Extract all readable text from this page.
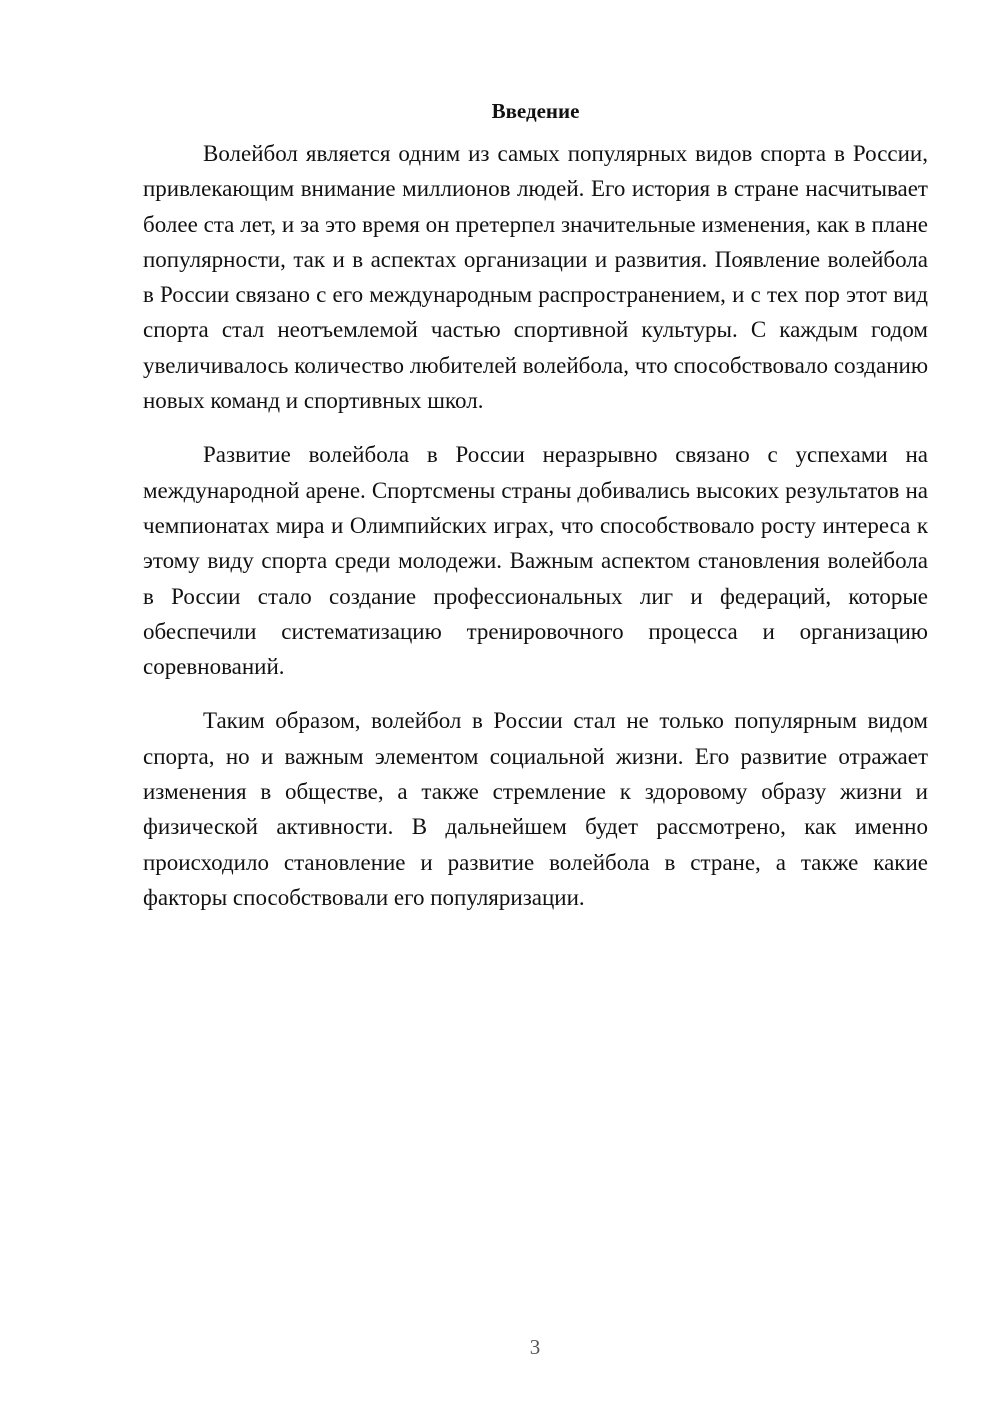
Введение

Волейбол является одним из самых популярных видов спорта в России, привлекающим внимание миллионов людей. Его история в стране насчитывает более ста лет, и за это время он претерпел значительные изменения, как в плане популярности, так и в аспектах организации и развития. Появление волейбола в России связано с его международным распространением, и с тех пор этот вид спорта стал неотъемлемой частью спортивной культуры. С каждым годом увеличивалось количество любителей волейбола, что способствовало созданию новых команд и спортивных школ.

Развитие волейбола в России неразрывно связано с успехами на международной арене. Спортсмены страны добивались высоких результатов на чемпионатах мира и Олимпийских играх, что способствовало росту интереса к этому виду спорта среди молодежи. Важным аспектом становления волейбола в России стало создание профессиональных лиг и федераций, которые обеспечили систематизацию тренировочного процесса и организацию соревнований.

Таким образом, волейбол в России стал не только популярным видом спорта, но и важным элементом социальной жизни. Его развитие отражает изменения в обществе, а также стремление к здоровому образу жизни и физической активности. В дальнейшем будет рассмотрено, как именно происходило становление и развитие волейбола в стране, а также какие факторы способствовали его популяризации.

3
